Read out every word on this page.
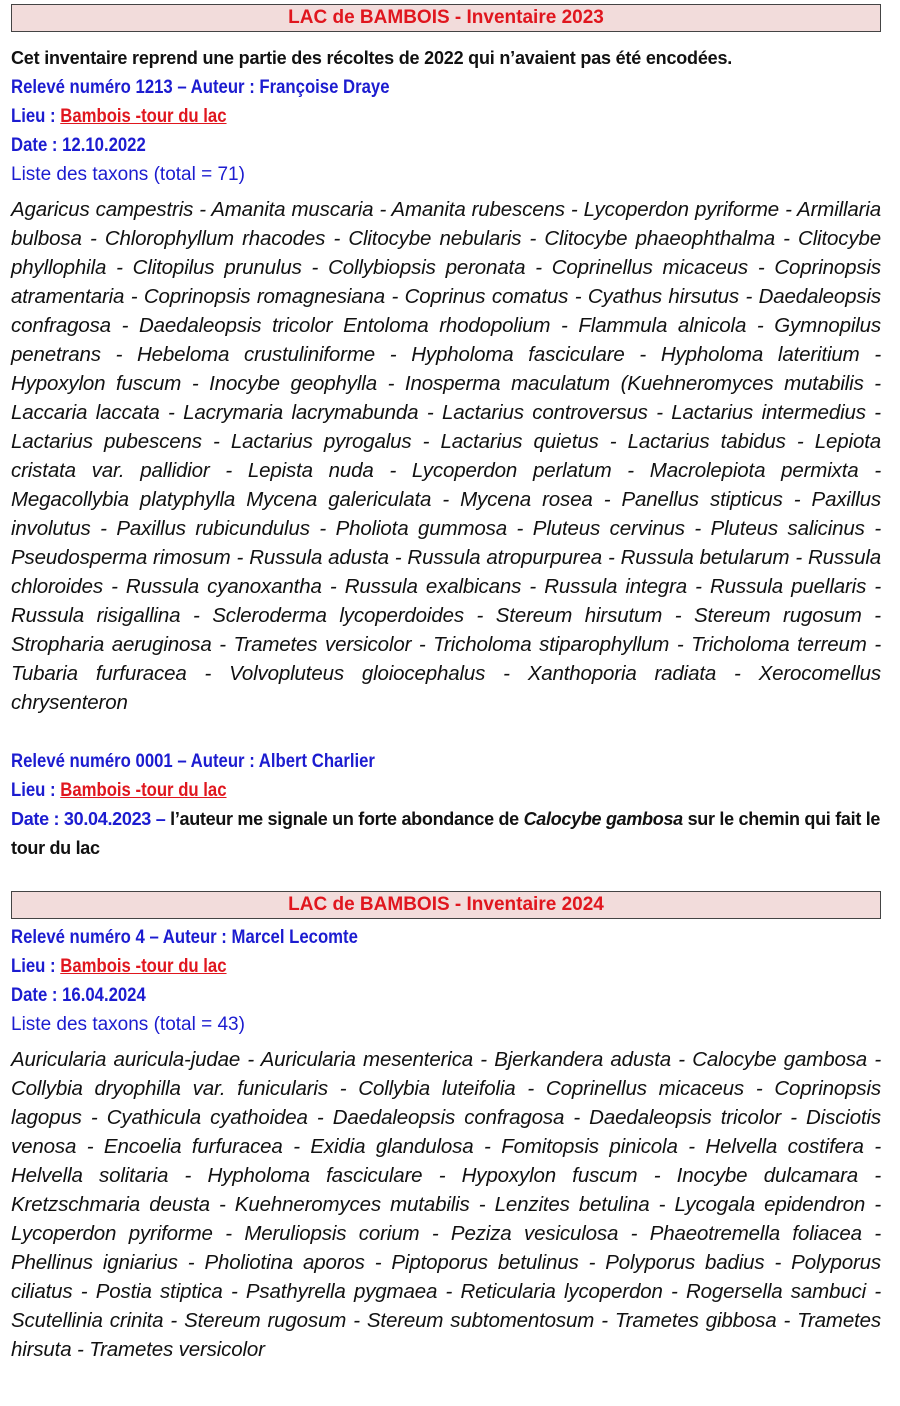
LAC de BAMBOIS - Inventaire 2023
Cet inventaire reprend une partie des récoltes de 2022 qui n’avaient pas été encodées.
Relevé numéro 1213 – Auteur : Françoise Draye
Lieu : Bambois -tour du lac
Date : 12.10.2022
Liste des taxons (total = 71)
Agaricus campestris - Amanita muscaria - Amanita rubescens - Lycoperdon pyriforme - Armillaria bulbosa - Chlorophyllum rhacodes - Clitocybe nebularis - Clitocybe phaeophthalma - Clitocybe phyllophila - Clitopilus prunulus - Collybiopsis peronata - Coprinellus micaceus - Coprinopsis atramentaria - Coprinopsis romagnesiana - Coprinus comatus - Cyathus hirsutus - Daedaleopsis confragosa - Daedaleopsis tricolor Entoloma rhodopolium - Flammula alnicola - Gymnopilus penetrans - Hebeloma crustuliniforme - Hypholoma fasciculare - Hypholoma lateritium - Hypoxylon fuscum - Inocybe geophylla - Inosperma maculatum (Kuehneromyces mutabilis - Laccaria laccata - Lacrymaria lacrymabunda - Lactarius controversus - Lactarius intermedius - Lactarius pubescens - Lactarius pyrogalus - Lactarius quietus - Lactarius tabidus - Lepiota cristata var. pallidior - Lepista nuda - Lycoperdon perlatum - Macrolepiota permixta - Megacollybia platyphylla Mycena galericulata - Mycena rosea - Panellus stipticus - Paxillus involutus - Paxillus rubicundulus - Pholiota gummosa - Pluteus cervinus - Pluteus salicinus - Pseudosperma rimosum - Russula adusta - Russula atropurpurea - Russula betularum - Russula chloroides - Russula cyanoxantha - Russula exalbicans - Russula integra - Russula puellaris - Russula risigallina - Scleroderma lycoperdoides - Stereum hirsutum - Stereum rugosum - Stropharia aeruginosa - Trametes versicolor - Tricholoma stiparophyllum - Tricholoma terreum - Tubaria furfuracea - Volvopluteus gloiocephalus - Xanthoporia radiata - Xerocomellus chrysenteron
Relevé numéro 0001 – Auteur : Albert Charlier
Lieu : Bambois -tour du lac
Date : 30.04.2023 – l’auteur me signale un forte abondance de Calocybe gambosa sur le chemin qui fait le tour du lac
LAC de BAMBOIS - Inventaire 2024
Relevé numéro 4 – Auteur : Marcel Lecomte
Lieu : Bambois -tour du lac
Date : 16.04.2024
Liste des taxons (total = 43)
Auricularia auricula-judae - Auricularia mesenterica - Bjerkandera adusta - Calocybe gambosa - Collybia dryophilla var. funicularis - Collybia luteifolia - Coprinellus micaceus - Coprinopsis lagopus - Cyathicula cyathoidea - Daedaleopsis confragosa - Daedaleopsis tricolor - Disciotis venosa - Encoelia furfuracea - Exidia glandulosa - Fomitopsis pinicola - Helvella costifera - Helvella solitaria - Hypholoma fasciculare - Hypoxylon fuscum - Inocybe dulcamara - Kretzschmaria deusta - Kuehneromyces mutabilis - Lenzites betulina - Lycogala epidendron - Lycoperdon pyriforme - Meruliopsis corium - Peziza vesiculosa - Phaeotremella foliacea - Phellinus igniarius - Pholiotina aporos - Piptoporus betulinus - Polyporus badius - Polyporus ciliatus - Postia stiptica - Psathyrella pygmaea - Reticularia lycoperdon - Rogersella sambuci - Scutellinia crinita - Stereum rugosum - Stereum subtomentosum - Trametes gibbosa - Trametes hirsuta - Trametes versicolor
